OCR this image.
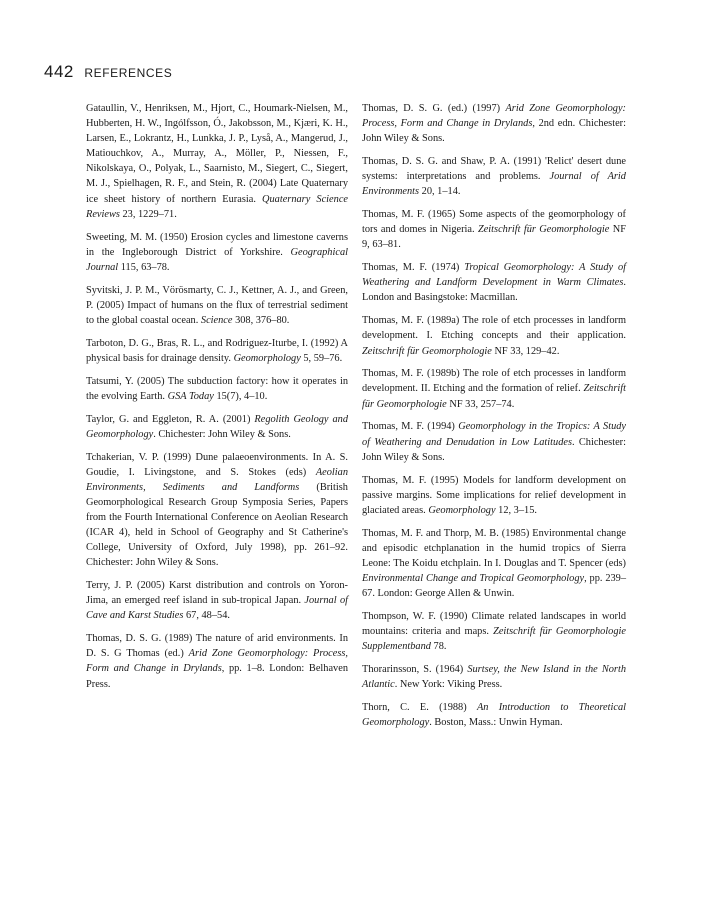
442 REFERENCES

Gataullin, V., Henriksen, M., Hjort, C., Houmark-Nielsen, M., Hubberten, H. W., Ingólfsson, Ó., Jakobsson, M., Kjæri, K. H., Larsen, E., Lokrantz, H., Lunkka, J. P., Lyså, A., Mangerud, J., Matiouchkov, A., Murray, A., Möller, P., Niessen, F., Nikolskaya, O., Polyak, L., Saarnisto, M., Siegert, C., Siegert, M. J., Spielhagen, R. F., and Stein, R. (2004) Late Quaternary ice sheet history of northern Eurasia. Quaternary Science Reviews 23, 1229–71.

Sweeting, M. M. (1950) Erosion cycles and limestone caverns in the Ingleborough District of Yorkshire. Geographical Journal 115, 63–78.

Syvitski, J. P. M., Vörösmarty, C. J., Kettner, A. J., and Green, P. (2005) Impact of humans on the flux of terrestrial sediment to the global coastal ocean. Science 308, 376–80.

Tarboton, D. G., Bras, R. L., and Rodriguez-Iturbe, I. (1992) A physical basis for drainage density. Geomorphology 5, 59–76.

Tatsumi, Y. (2005) The subduction factory: how it operates in the evolving Earth. GSA Today 15(7), 4–10.

Taylor, G. and Eggleton, R. A. (2001) Regolith Geology and Geomorphology. Chichester: John Wiley & Sons.

Tchakerian, V. P. (1999) Dune palaeoenvironments. In A. S. Goudie, I. Livingstone, and S. Stokes (eds) Aeolian Environments, Sediments and Landforms (British Geomorphological Research Group Symposia Series, Papers from the Fourth International Conference on Aeolian Research (ICAR 4), held in School of Geography and St Catherine's College, University of Oxford, July 1998), pp. 261–92. Chichester: John Wiley & Sons.

Terry, J. P. (2005) Karst distribution and controls on Yoron-Jima, an emerged reef island in sub-tropical Japan. Journal of Cave and Karst Studies 67, 48–54.

Thomas, D. S. G. (1989) The nature of arid environments. In D. S. G Thomas (ed.) Arid Zone Geomorphology: Process, Form and Change in Drylands, pp. 1–8. London: Belhaven Press.

Thomas, D. S. G. (ed.) (1997) Arid Zone Geomorphology: Process, Form and Change in Drylands, 2nd edn. Chichester: John Wiley & Sons.

Thomas, D. S. G. and Shaw, P. A. (1991) 'Relict' desert dune systems: interpretations and problems. Journal of Arid Environments 20, 1–14.

Thomas, M. F. (1965) Some aspects of the geomorphology of tors and domes in Nigeria. Zeitschrift für Geomorphologie NF 9, 63–81.

Thomas, M. F. (1974) Tropical Geomorphology: A Study of Weathering and Landform Development in Warm Climates. London and Basingstoke: Macmillan.

Thomas, M. F. (1989a) The role of etch processes in landform development. I. Etching concepts and their application. Zeitschrift für Geomorphologie NF 33, 129–42.

Thomas, M. F. (1989b) The role of etch processes in landform development. II. Etching and the formation of relief. Zeitschrift für Geomorphologie NF 33, 257–74.

Thomas, M. F. (1994) Geomorphology in the Tropics: A Study of Weathering and Denudation in Low Latitudes. Chichester: John Wiley & Sons.

Thomas, M. F. (1995) Models for landform development on passive margins. Some implications for relief development in glaciated areas. Geomorphology 12, 3–15.

Thomas, M. F. and Thorp, M. B. (1985) Environmental change and episodic etchplanation in the humid tropics of Sierra Leone: The Koidu etchplain. In I. Douglas and T. Spencer (eds) Environmental Change and Tropical Geomorphology, pp. 239–67. London: George Allen & Unwin.

Thompson, W. F. (1990) Climate related landscapes in world mountains: criteria and maps. Zeitschrift für Geomorphologie Supplementband 78.

Thorarinsson, S. (1964) Surtsey, the New Island in the North Atlantic. New York: Viking Press.

Thorn, C. E. (1988) An Introduction to Theoretical Geomorphology. Boston, Mass.: Unwin Hyman.
